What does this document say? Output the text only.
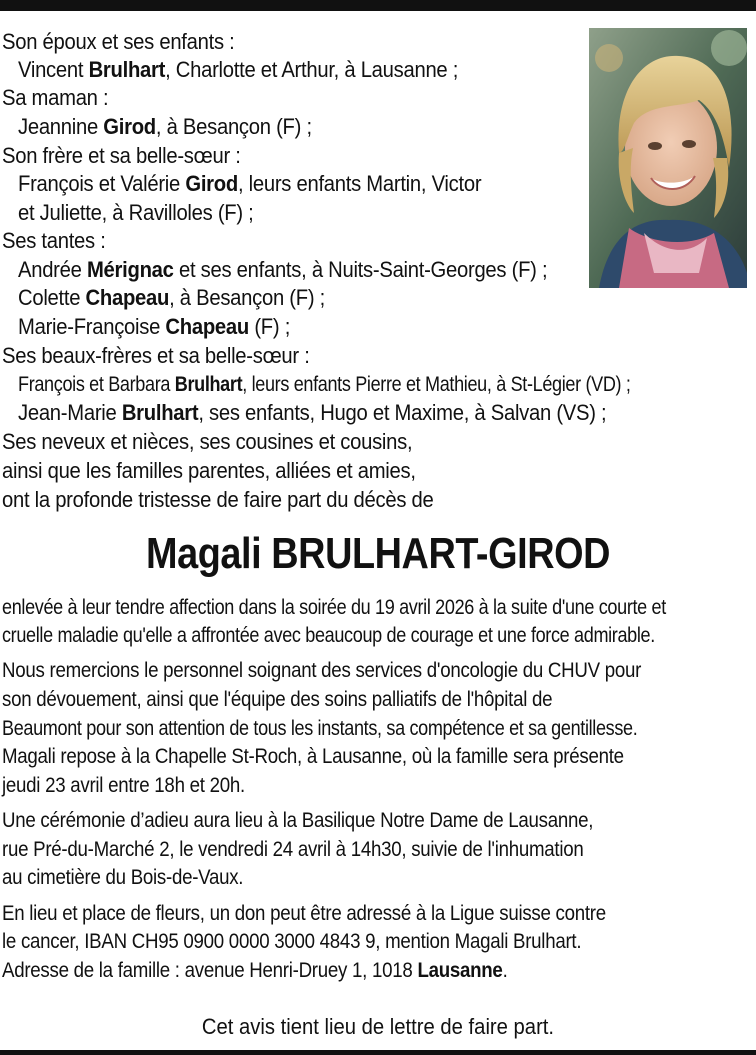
Son époux et ses enfants :
Vincent Brulhart, Charlotte et Arthur, à Lausanne ;
Sa maman :
Jeannine Girod, à Besançon (F) ;
Son frère et sa belle-sœur :
François et Valérie Girod, leurs enfants Martin, Victor
et Juliette, à Ravilloles (F) ;
Ses tantes :
Andrée Mérignac et ses enfants, à Nuits-Saint-Georges (F) ;
Colette Chapeau, à Besançon (F) ;
Marie-Françoise Chapeau (F) ;
Ses beaux-frères et sa belle-sœur :
François et Barbara Brulhart, leurs enfants Pierre et Mathieu, à St-Légier (VD) ;
Jean-Marie Brulhart, ses enfants, Hugo et Maxime, à Salvan (VS) ;
Ses neveux et nièces, ses cousines et cousins,
ainsi que les familles parentes, alliées et amies,
ont la profonde tristesse de faire part du décès de
Magali BRULHART-GIROD
enlevée à leur tendre affection dans la soirée du 19 avril 2026 à la suite d'une courte et
cruelle maladie qu'elle a affrontée avec beaucoup de courage et une force admirable.
Nous remercions le personnel soignant des services d'oncologie du CHUV pour
son dévouement, ainsi que l'équipe des soins palliatifs de l'hôpital de
Beaumont pour son attention de tous les instants, sa compétence et sa gentillesse.
Magali repose à la Chapelle St-Roch, à Lausanne, où la famille sera présente
jeudi 23 avril entre 18h et 20h.
Une cérémonie d’adieu aura lieu à la Basilique Notre Dame de Lausanne,
rue Pré-du-Marché 2, le vendredi 24 avril à 14h30, suivie de l'inhumation
au cimetière du Bois-de-Vaux.
En lieu et place de fleurs, un don peut être adressé à la Ligue suisse contre
le cancer, IBAN CH95 0900 0000 3000 4843 9, mention Magali Brulhart.
Adresse de la famille : avenue Henri-Druey 1, 1018 Lausanne.
Cet avis tient lieu de lettre de faire part.
